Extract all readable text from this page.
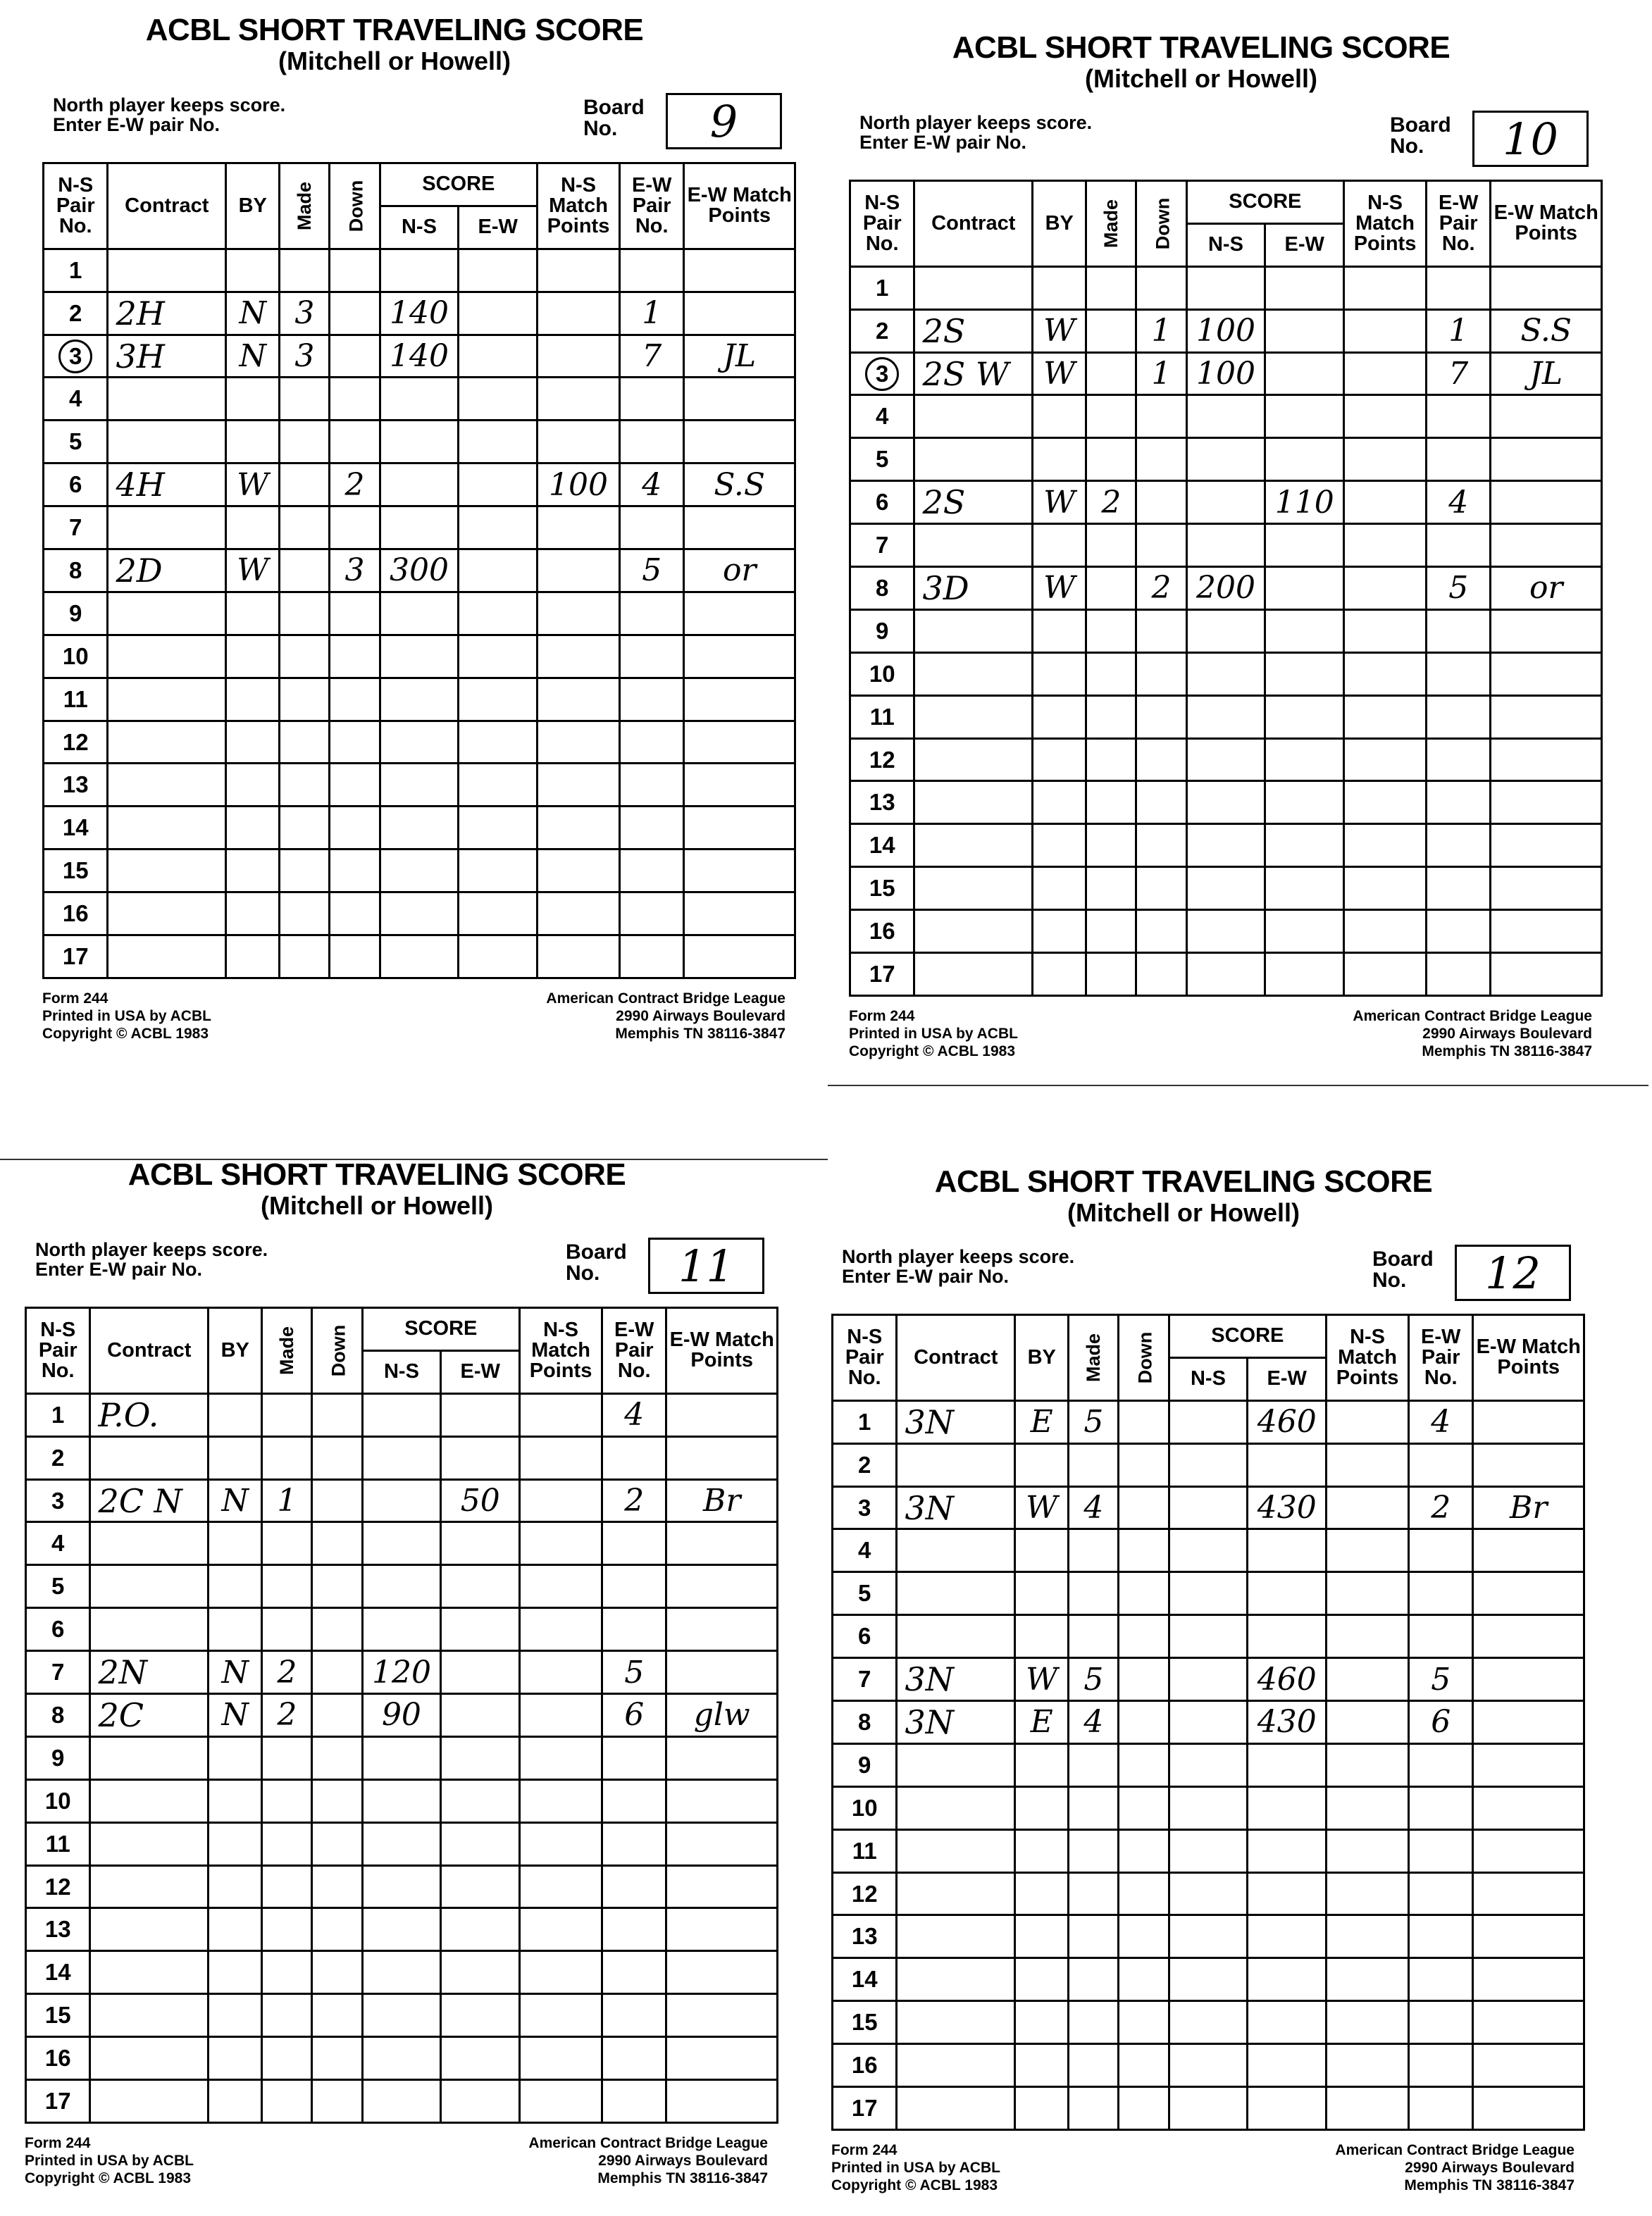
ACBL SHORT TRAVELING SCORE
(Mitchell or Howell)
North player keeps score.
Enter E-W pair No.
Board
No.	9
N-S Pair No.	Contract	BY	Made	Down	SCORE		N-S Match Points	E-W Pair No.	E-W Match Points
					N-S	E-W			
1									
2	2H	N	3		140			1	
3	3H	N	3		140			7	JL
4									
5									
6	4H	W		2			100	4	S.S
7									
8	2D	W		3	300			5	or
9									
10									
11									
12									
13									
14									
15									
16									
17									
Form 244
Printed in USA by ACBL
Copyright © ACBL 1983
American Contract Bridge League
2990 Airways Boulevard
Memphis TN 38116-3847
ACBL SHORT TRAVELING SCORE
(Mitchell or Howell)
North player keeps score.
Enter E-W pair No.
Board
No.	10
N-S Pair No.	Contract	BY	Made	Down	SCORE		N-S Match Points	E-W Pair No.	E-W Match Points
					N-S	E-W			
1									
2	2S	W		1	100			1	S.S
3	2S W	W		1	100			7	JL
4									
5									
6	2S	W	2			110		4	
7									
8	3D	W		2	200			5	or
9									
10									
11									
12									
13									
14									
15									
16									
17									
Form 244
Printed in USA by ACBL
Copyright © ACBL 1983
American Contract Bridge League
2990 Airways Boulevard
Memphis TN 38116-3847
ACBL SHORT TRAVELING SCORE
(Mitchell or Howell)
North player keeps score.
Enter E-W pair No.
Board
No.	11
N-S Pair No.	Contract	BY	Made	Down	SCORE		N-S Match Points	E-W Pair No.	E-W Match Points
					N-S	E-W			
1	P.O.							4	
2									
3	2C N	N	1			50		2	Br
4									
5									
6									
7	2N	N	2		120			5	
8	2C	N	2		90			6	glw
9									
10									
11									
12									
13									
14									
15									
16									
17									
Form 244
Printed in USA by ACBL
Copyright © ACBL 1983
American Contract Bridge League
2990 Airways Boulevard
Memphis TN 38116-3847
ACBL SHORT TRAVELING SCORE
(Mitchell or Howell)
North player keeps score.
Enter E-W pair No.
Board
No.	12
N-S Pair No.	Contract	BY	Made	Down	SCORE		N-S Match Points	E-W Pair No.	E-W Match Points
					N-S	E-W			
1	3N	E	5			460		4	
2									
3	3N	W	4			430		2	Br
4									
5									
6									
7	3N	W	5			460		5	
8	3N	E	4			430		6	
9									
10									
11									
12									
13									
14									
15									
16									
17									
Form 244
Printed in USA by ACBL
Copyright © ACBL 1983
American Contract Bridge League
2990 Airways Boulevard
Memphis TN 38116-3847
